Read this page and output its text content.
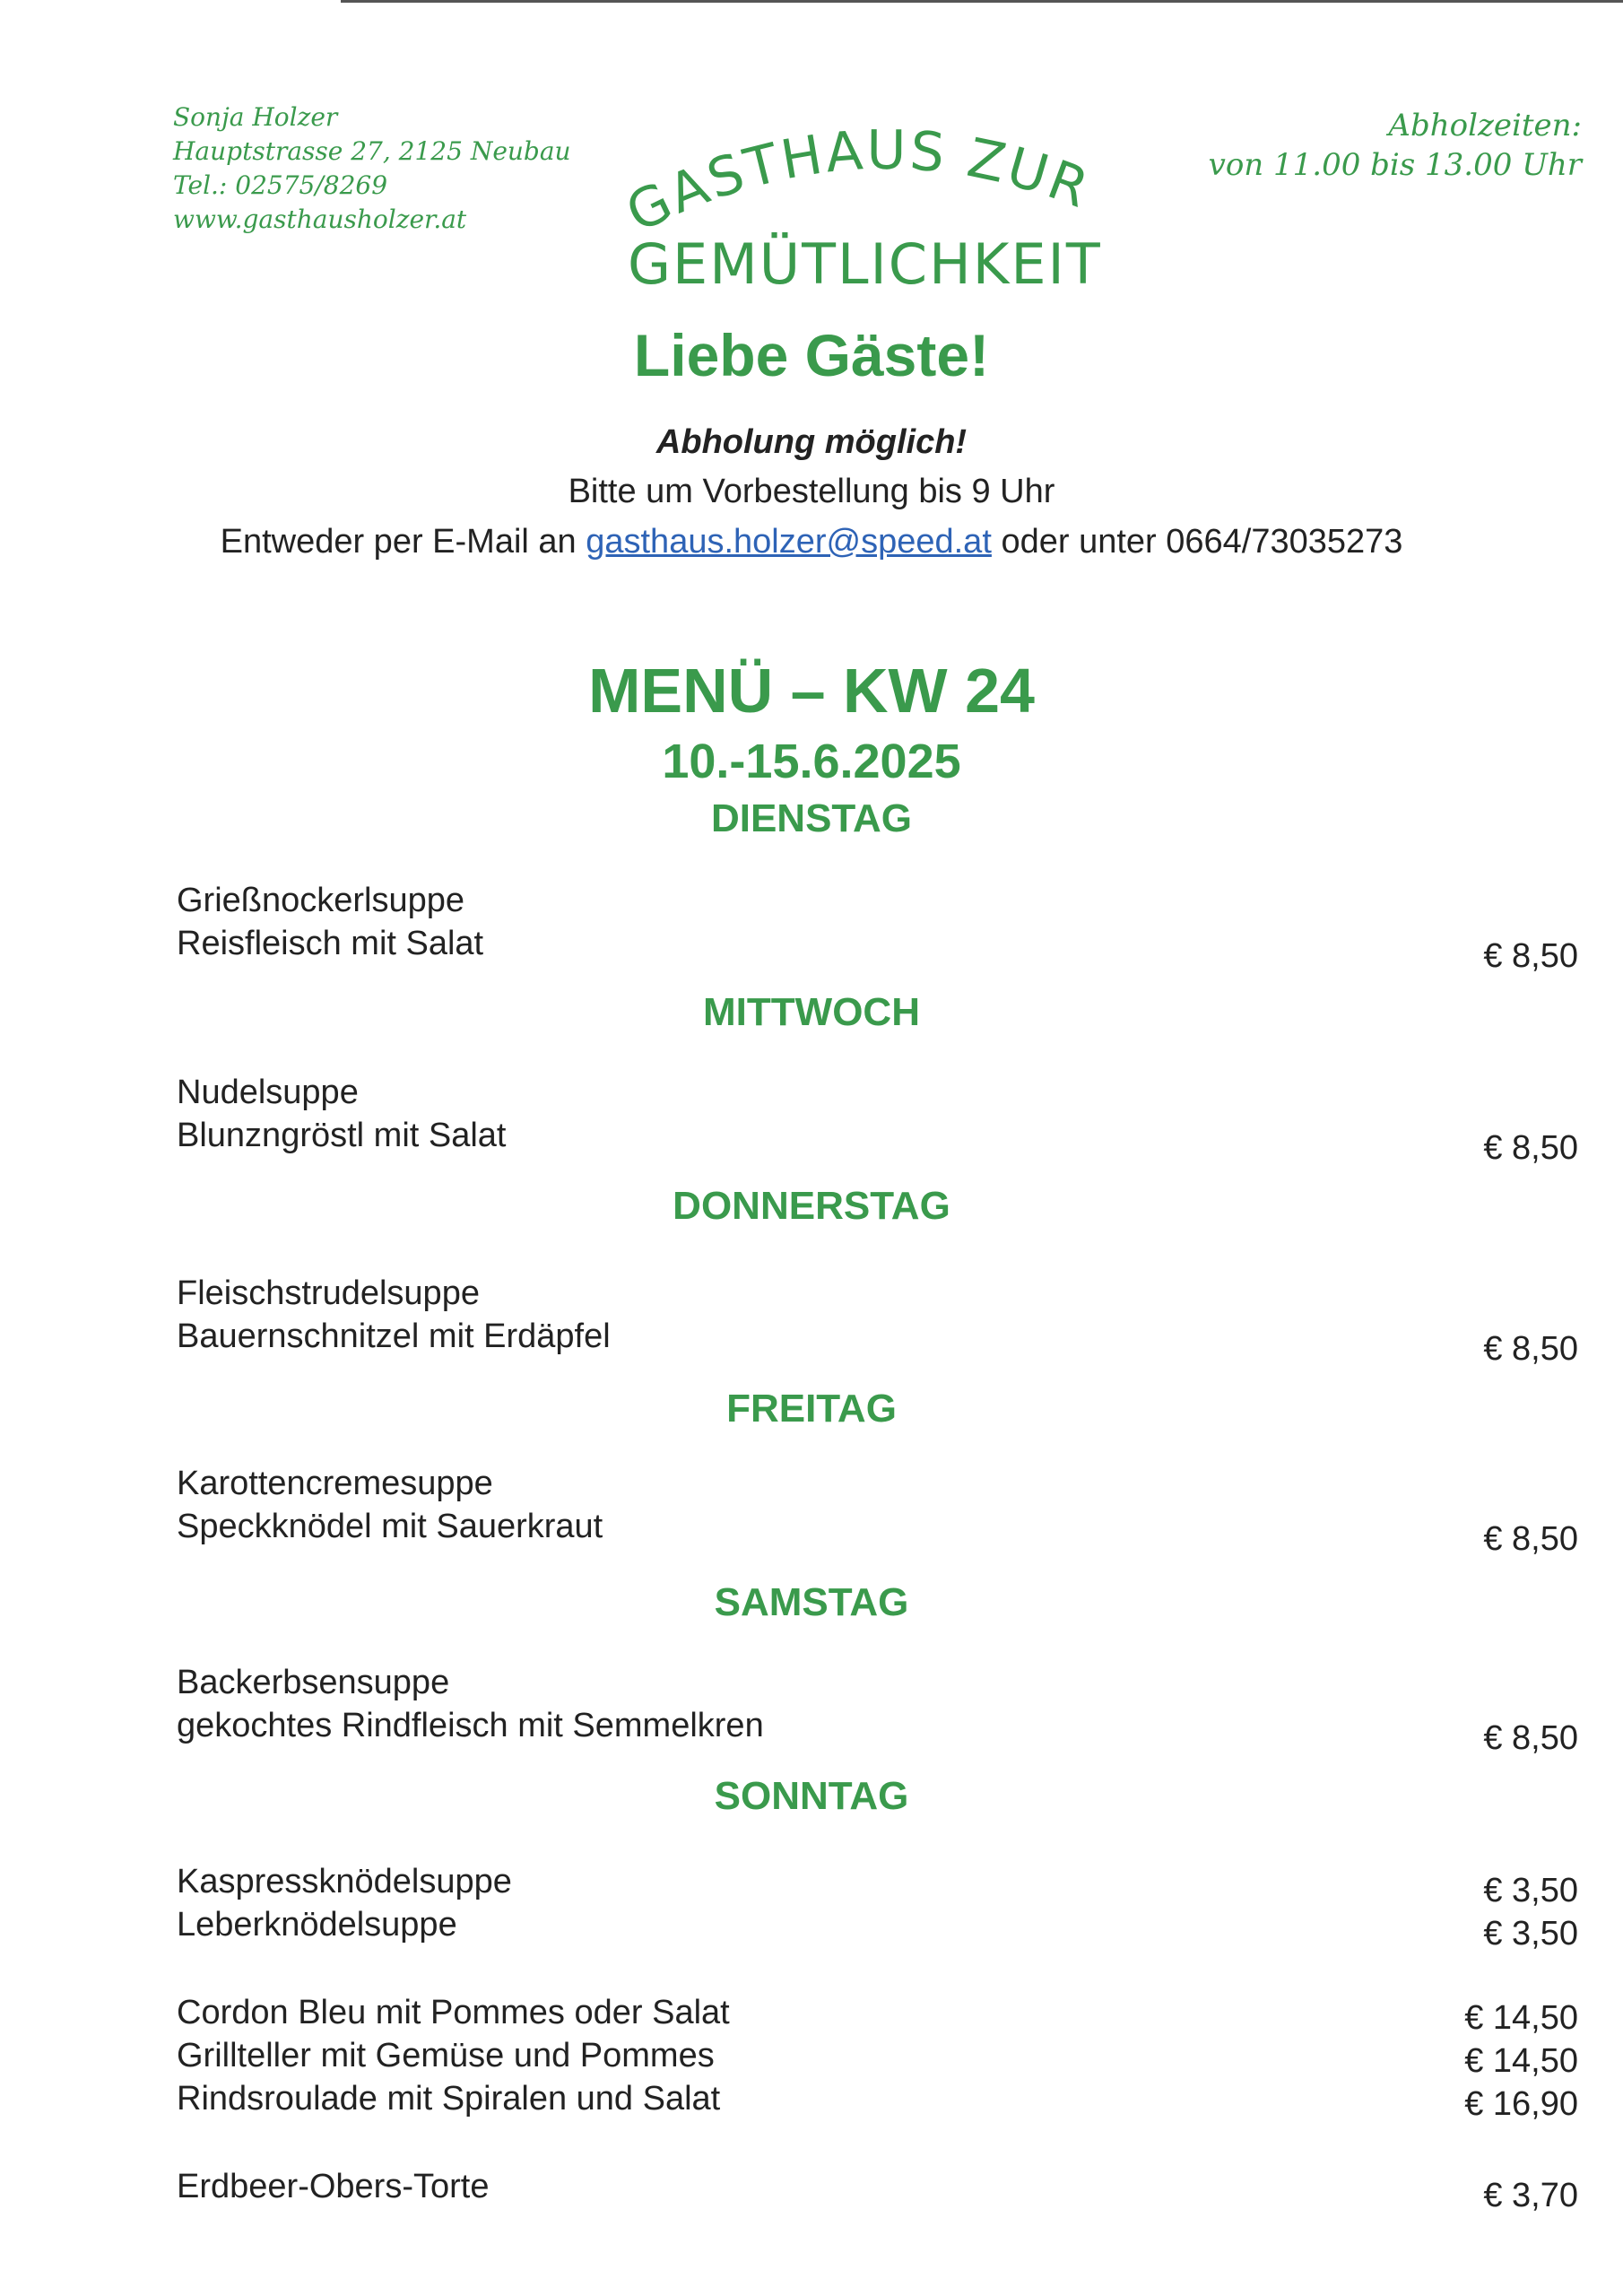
Sonja Holzer
Hauptstrasse 27, 2125 Neubau
Tel.: 02575/8269
www.gasthausholzer.at
Abholzeiten:
von 11.00 bis 13.00 Uhr
ASTHAUS ZUR
GEMÜTLICHKEIT
Liebe Gäste!
Abholung möglich!
Bitte um Vorbestellung bis 9 Uhr
Entweder per E-Mail an gasthaus.holzer@speed.at oder unter 0664/73035273
MENÜ – KW 24
10.-15.6.2025
DIENSTAG
Grießnockerlsuppe
Reisfleisch mit Salat	€ 8,50
MITTWOCH
Nudelsuppe
Blunzngröstl mit Salat	€ 8,50
DONNERSTAG
Fleischstrudelsuppe
Bauernschnitzel mit Erdäpfel	€ 8,50
FREITAG
Karottencremesuppe
Speckknödel mit Sauerkraut	€ 8,50
SAMSTAG
Backerbsensuppe
gekochtes Rindfleisch mit Semmelkren	€ 8,50
SONNTAG
Kaspressknödelsuppe	€ 3,50
Leberknödelsuppe	€ 3,50
Cordon Bleu mit Pommes oder Salat	€ 14,50
Grillteller mit Gemüse und Pommes	€ 14,50
Rindsroulade mit Spiralen und Salat	€ 16,90
Erdbeer-Obers-Torte	€ 3,70
